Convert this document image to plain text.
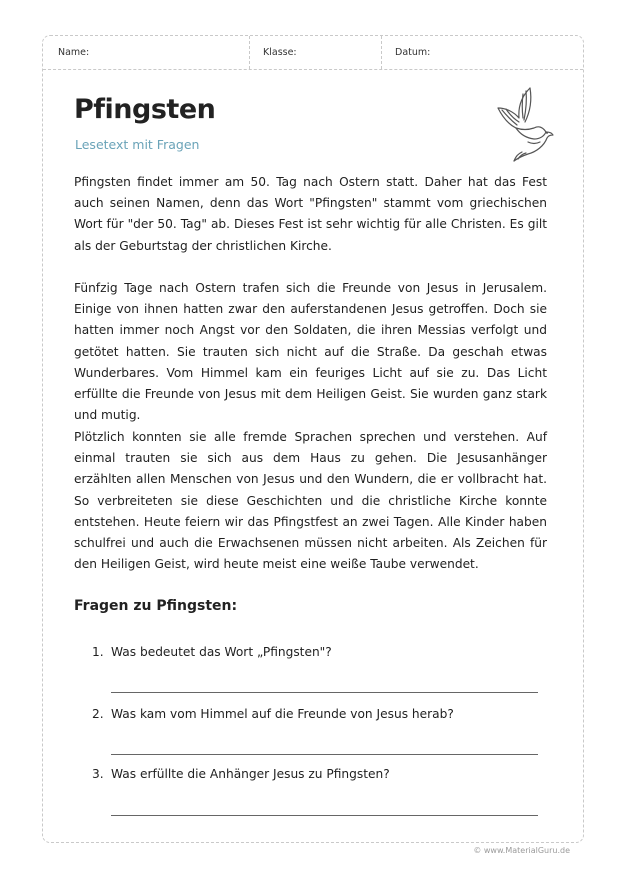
Name:	Klasse:	Datum:
Pfingsten
Lesetext mit Fragen

Pfingsten findet immer am 50. Tag nach Ostern statt. Daher hat das Fest auch seinen Namen, denn das Wort "Pfingsten" stammt vom griechischen Wort für "der 50. Tag" ab. Dieses Fest ist sehr wichtig für alle Christen. Es gilt als der Geburtstag der christlichen Kirche.

Fünfzig Tage nach Ostern trafen sich die Freunde von Jesus in Jerusalem. Einige von ihnen hatten zwar den auferstandenen Jesus getroffen. Doch sie hatten immer noch Angst vor den Soldaten, die ihren Messias verfolgt und getötet hatten. Sie trauten sich nicht auf die Straße. Da geschah etwas Wunderbares. Vom Himmel kam ein feuriges Licht auf sie zu. Das Licht erfüllte die Freunde von Jesus mit dem Heiligen Geist. Sie wurden ganz stark und mutig.

Plötzlich konnten sie alle fremde Sprachen sprechen und verstehen. Auf einmal trauten sie sich aus dem Haus zu gehen. Die Jesusanhänger erzählten allen Menschen von Jesus und den Wundern, die er vollbracht hat. So verbreiteten sie diese Geschichten und die christliche Kirche konnte entstehen. Heute feiern wir das Pfingstfest an zwei Tagen. Alle Kinder haben schulfrei und auch die Erwachsenen müssen nicht arbeiten. Als Zeichen für den Heiligen Geist, wird heute meist eine weiße Taube verwendet.

Fragen zu Pfingsten:
1. Was bedeutet das Wort „Pfingsten"?
2. Was kam vom Himmel auf die Freunde von Jesus herab?
3. Was erfüllte die Anhänger Jesus zu Pfingsten?
© www.MaterialGuru.de
